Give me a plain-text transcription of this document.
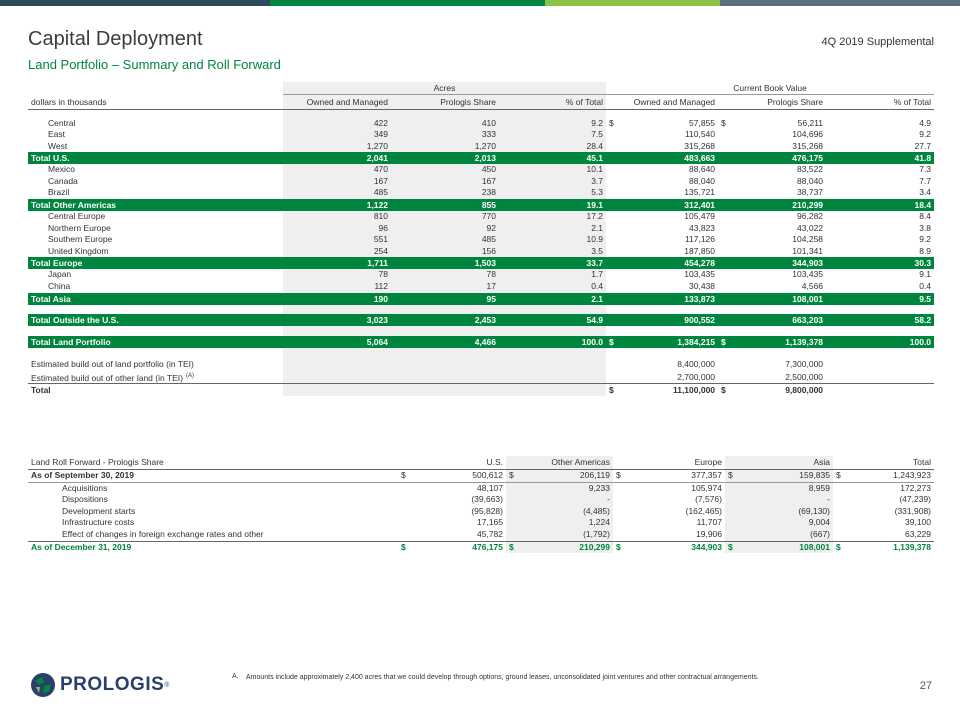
Capital Deployment
Land Portfolio – Summary and Roll Forward
4Q 2019 Supplemental
	Acres			Current Book Value		
dollars in thousands	Owned and Managed	Prologis Share	% of Total	Owned and Managed	Prologis Share	% of Total

Central	422	410	9.2	$ 57,855	$ 56,211	4.9
East	349	333	7.5	110,540	104,696	9.2
West	1,270	1,270	28.4	315,268	315,268	27.7
Total U.S.	2,041	2,013	45.1	483,663	476,175	41.8
Mexico	470	450	10.1	88,640	83,522	7.3
Canada	167	167	3.7	88,040	88,040	7.7
Brazil	485	238	5.3	135,721	38,737	3.4
Total Other Americas	1,122	855	19.1	312,401	210,299	18.4
Central Europe	810	770	17.2	105,479	96,282	8.4
Northern Europe	96	92	2.1	43,823	43,022	3.8
Southern Europe	551	485	10.9	117,126	104,258	9.2
United Kingdom	254	156	3.5	187,850	101,341	8.9
Total Europe	1,711	1,503	33.7	454,278	344,903	30.3
Japan	78	78	1.7	103,435	103,435	9.1
China	112	17	0.4	30,438	4,566	0.4
Total Asia	190	95	2.1	133,873	108,001	9.5

Total Outside the U.S.	3,023	2,453	54.9	900,552	663,203	58.2

Total Land Portfolio	5,064	4,466	100.0	$ 1,384,215	$ 1,139,378	100.0

Estimated build out of land portfolio (in TEI)				8,400,000	7,300,000	
Estimated build out of other land (in TEI) $^{(A)}$				2,700,000	2,500,000	
Total				$ 11,100,000	$ 9,800,000	
Land Roll Forward - Prologis Share	U.S.	Other Americas	Europe	Asia	Total
As of September 30, 2019	$ 500,612	$ 206,119	$ 377,357	$ 159,835	$ 1,243,923
Acquisitions	48,107	9,233	105,974	8,959	172,273
Dispositions	(39,663)	-	(7,576)	-	(47,239)
Development starts	(95,828)	(4,485)	(162,465)	(69,130)	(331,908)
Infrastructure costs	17,165	1,224	11,707	9,004	39,100
Effect of changes in foreign exchange rates and other	45,782	(1,792)	19,906	(667)	63,229
As of December 31, 2019	$ 476,175	$ 210,299	$ 344,903	$ 108,001	$ 1,139,378
PROLOGIS ®
A. Amounts include approximately 2,400 acres that we could develop through options, ground leases, unconsolidated joint ventures and other contractual arrangements.
27
